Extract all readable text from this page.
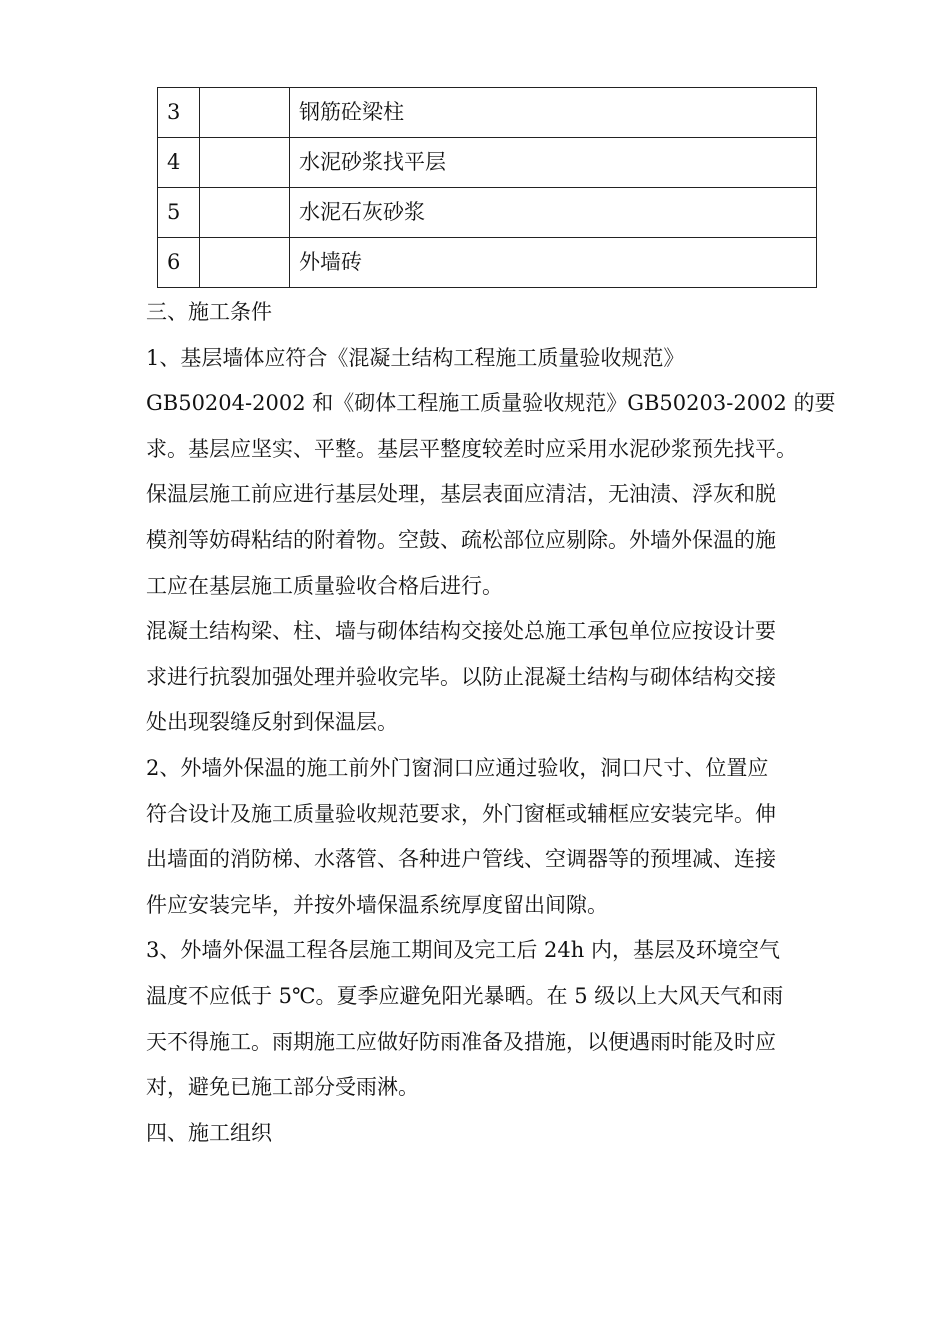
3		钢筋砼梁柱
4		水泥砂浆找平层
5		水泥石灰砂浆
6		外墙砖
三、施工条件
1、基层墙体应符合《混凝土结构工程施工质量验收规范》
GB50204-2002 和《砌体工程施工质量验收规范》GB50203-2002 的要
求。基层应坚实、平整。基层平整度较差时应采用水泥砂浆预先找平。
保温层施工前应进行基层处理，基层表面应清洁，无油渍、浮灰和脱
模剂等妨碍粘结的附着物。空鼓、疏松部位应剔除。外墙外保温的施
工应在基层施工质量验收合格后进行。
混凝土结构梁、柱、墙与砌体结构交接处总施工承包单位应按设计要
求进行抗裂加强处理并验收完毕。以防止混凝土结构与砌体结构交接
处出现裂缝反射到保温层。
2、外墙外保温的施工前外门窗洞口应通过验收，洞口尺寸、位置应
符合设计及施工质量验收规范要求，外门窗框或辅框应安装完毕。伸
出墙面的消防梯、水落管、各种进户管线、空调器等的预埋减、连接
件应安装完毕，并按外墙保温系统厚度留出间隙。
3、外墙外保温工程各层施工期间及完工后 24h 内，基层及环境空气
温度不应低于 5℃。夏季应避免阳光暴晒。在 5 级以上大风天气和雨
天不得施工。雨期施工应做好防雨准备及措施，以便遇雨时能及时应
对，避免已施工部分受雨淋。
四、施工组织
